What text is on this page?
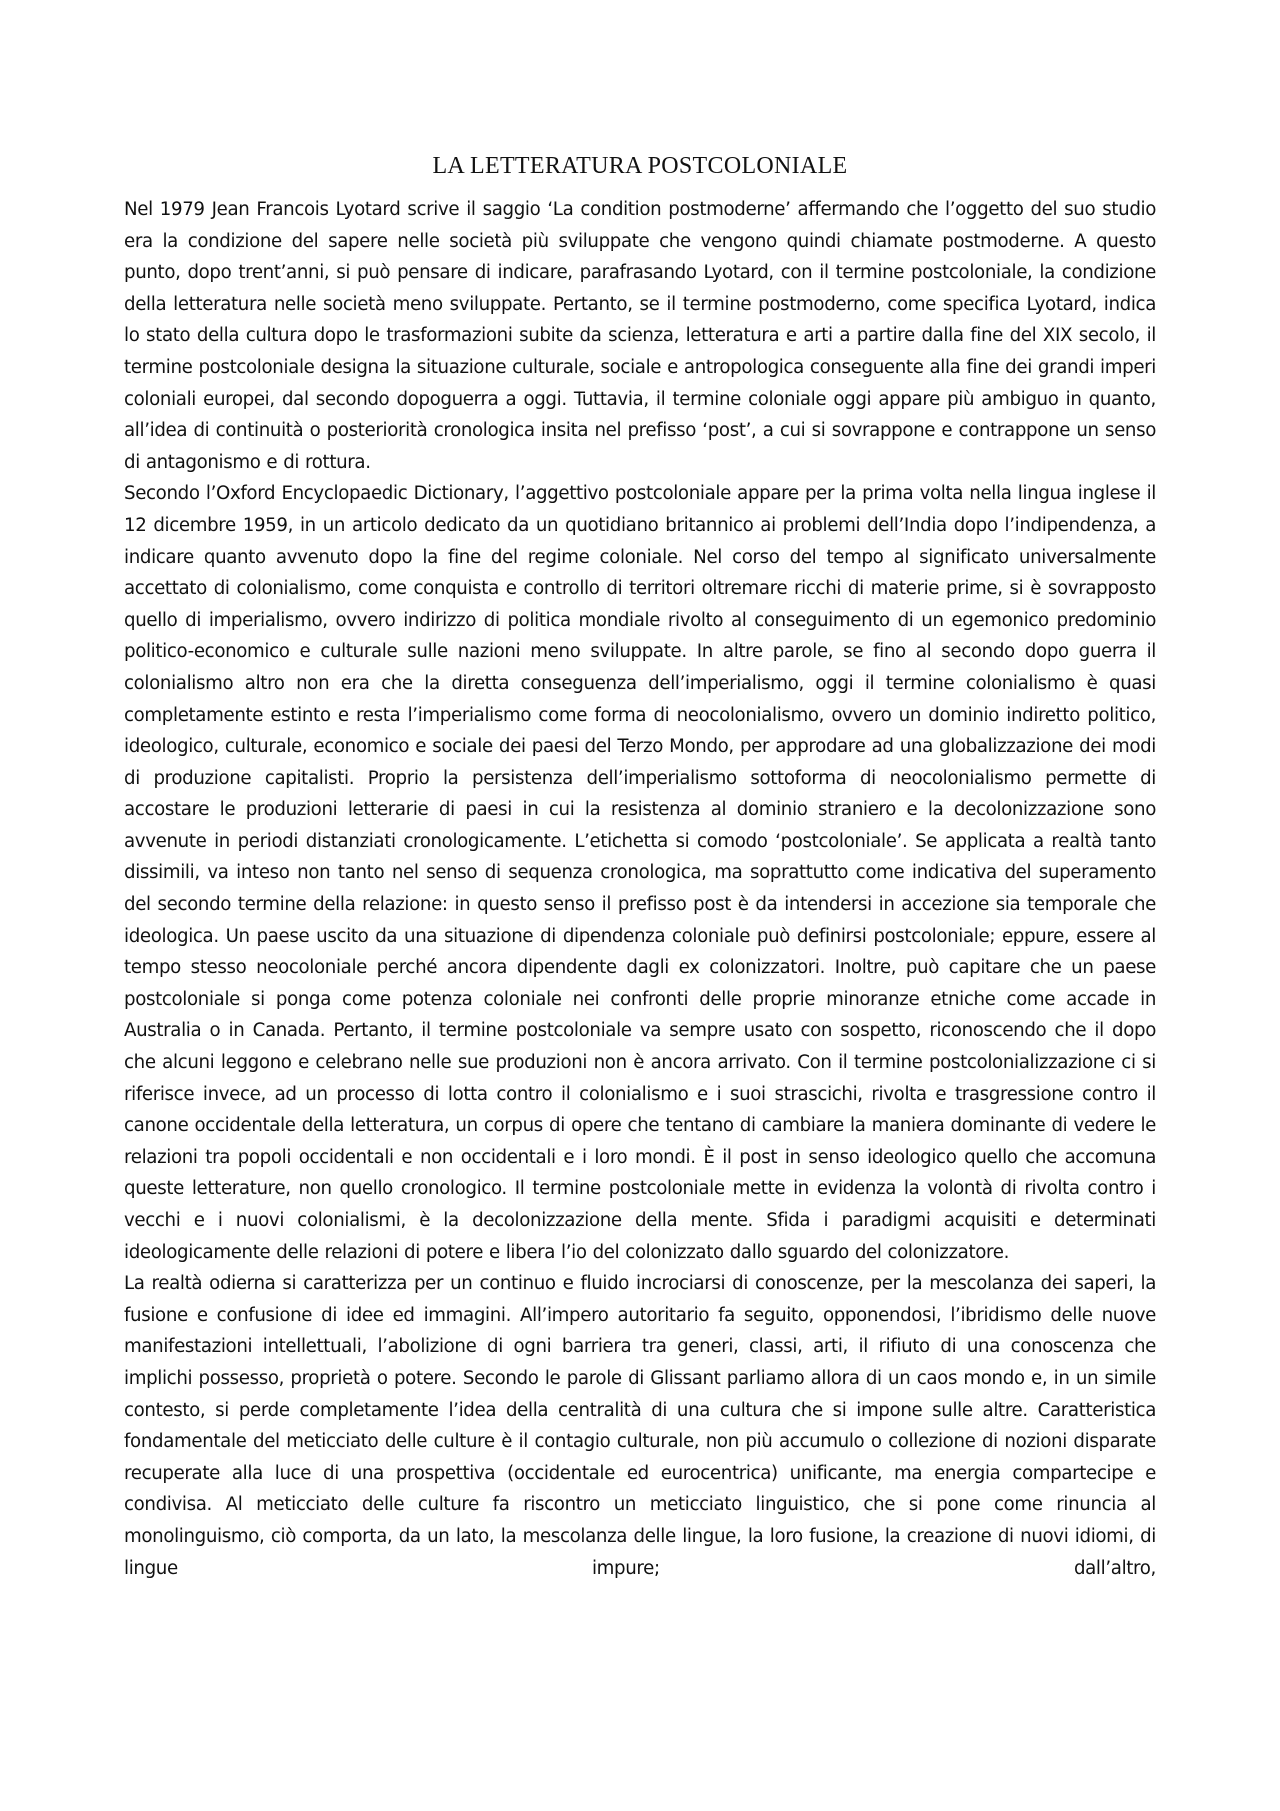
LA LETTERATURA POSTCOLONIALE

Nel 1979 Jean Francois Lyotard scrive il saggio ‘La condition postmoderne’ affermando che l’oggetto del suo studio era la condizione del sapere nelle società più sviluppate che vengono quindi chiamate postmoderne. A questo punto, dopo trent’anni, si può pensare di indicare, parafrasando Lyotard, con il termine postcoloniale, la condizione della letteratura nelle società meno sviluppate. Pertanto, se il termine postmoderno, come specifica Lyotard, indica lo stato della cultura dopo le trasformazioni subite da scienza, letteratura e arti a partire dalla fine del XIX secolo, il termine postcoloniale designa la situazione culturale, sociale e antropologica conseguente alla fine dei grandi imperi coloniali europei, dal secondo dopoguerra a oggi. Tuttavia, il termine coloniale oggi appare più ambiguo in quanto, all’idea di continuità o posteriorità cronologica insita nel prefisso ‘post’, a cui si sovrappone e contrappone un senso di antagonismo e di rottura.

Secondo l’Oxford Encyclopaedic Dictionary, l’aggettivo postcoloniale appare per la prima volta nella lingua inglese il 12 dicembre 1959, in un articolo dedicato da un quotidiano britannico ai problemi dell’India dopo l’indipendenza, a indicare quanto avvenuto dopo la fine del regime coloniale. Nel corso del tempo al significato universalmente accettato di colonialismo, come conquista e controllo di territori oltremare ricchi di materie prime, si è sovrapposto quello di imperialismo, ovvero indirizzo di politica mondiale rivolto al conseguimento di un egemonico predominio politico-economico e culturale sulle nazioni meno sviluppate. In altre parole, se fino al secondo dopo guerra il colonialismo altro non era che la diretta conseguenza dell’imperialismo, oggi il termine colonialismo è quasi completamente estinto e resta l’imperialismo come forma di neocolonialismo, ovvero un dominio indiretto politico, ideologico, culturale, economico e sociale dei paesi del Terzo Mondo, per approdare ad una globalizzazione dei modi di produzione capitalisti. Proprio la persistenza dell’imperialismo sottoforma di neocolonialismo permette di accostare le produzioni letterarie di paesi in cui la resistenza al dominio straniero e la decolonizzazione sono avvenute in periodi distanziati cronologicamente. L’etichetta si comodo ‘postcoloniale’. Se applicata a realtà tanto dissimili, va inteso non tanto nel senso di sequenza cronologica, ma soprattutto come indicativa del superamento del secondo termine della relazione: in questo senso il prefisso post è da intendersi in accezione sia temporale che ideologica. Un paese uscito da una situazione di dipendenza coloniale può definirsi postcoloniale; eppure, essere al tempo stesso neocoloniale perché ancora dipendente dagli ex colonizzatori. Inoltre, può capitare che un paese postcoloniale si ponga come potenza coloniale nei confronti delle proprie minoranze etniche come accade in Australia o in Canada. Pertanto, il termine postcoloniale va sempre usato con sospetto, riconoscendo che il dopo che alcuni leggono e celebrano nelle sue produzioni non è ancora arrivato. Con il termine postcolonializzazione ci si riferisce invece, ad un processo di lotta contro il colonialismo e i suoi strascichi, rivolta e trasgressione contro il canone occidentale della letteratura, un corpus di opere che tentano di cambiare la maniera dominante di vedere le relazioni tra popoli occidentali e non occidentali e i loro mondi. È il post in senso ideologico quello che accomuna queste letterature, non quello cronologico. Il termine postcoloniale mette in evidenza la volontà di rivolta contro i vecchi e i nuovi colonialismi, è la decolonizzazione della mente. Sfida i paradigmi acquisiti e determinati ideologicamente delle relazioni di potere e libera l’io del colonizzato dallo sguardo del colonizzatore.

La realtà odierna si caratterizza per un continuo e fluido incrociarsi di conoscenze, per la mescolanza dei saperi, la fusione e confusione di idee ed immagini. All’impero autoritario fa seguito, opponendosi, l’ibridismo delle nuove manifestazioni intellettuali, l’abolizione di ogni barriera tra generi, classi, arti, il rifiuto di una conoscenza che implichi possesso, proprietà o potere. Secondo le parole di Glissant parliamo allora di un caos mondo e, in un simile contesto, si perde completamente l’idea della centralità di una cultura che si impone sulle altre. Caratteristica fondamentale del meticciato delle culture è il contagio culturale, non più accumulo o collezione di nozioni disparate recuperate alla luce di una prospettiva (occidentale ed eurocentrica) unificante, ma energia compartecipe e condivisa. Al meticciato delle culture fa riscontro un meticciato linguistico, che si pone come rinuncia al monolinguismo, ciò comporta, da un lato, la mescolanza delle lingue, la loro fusione, la creazione di nuovi idiomi, di lingue impure; dall’altro,
